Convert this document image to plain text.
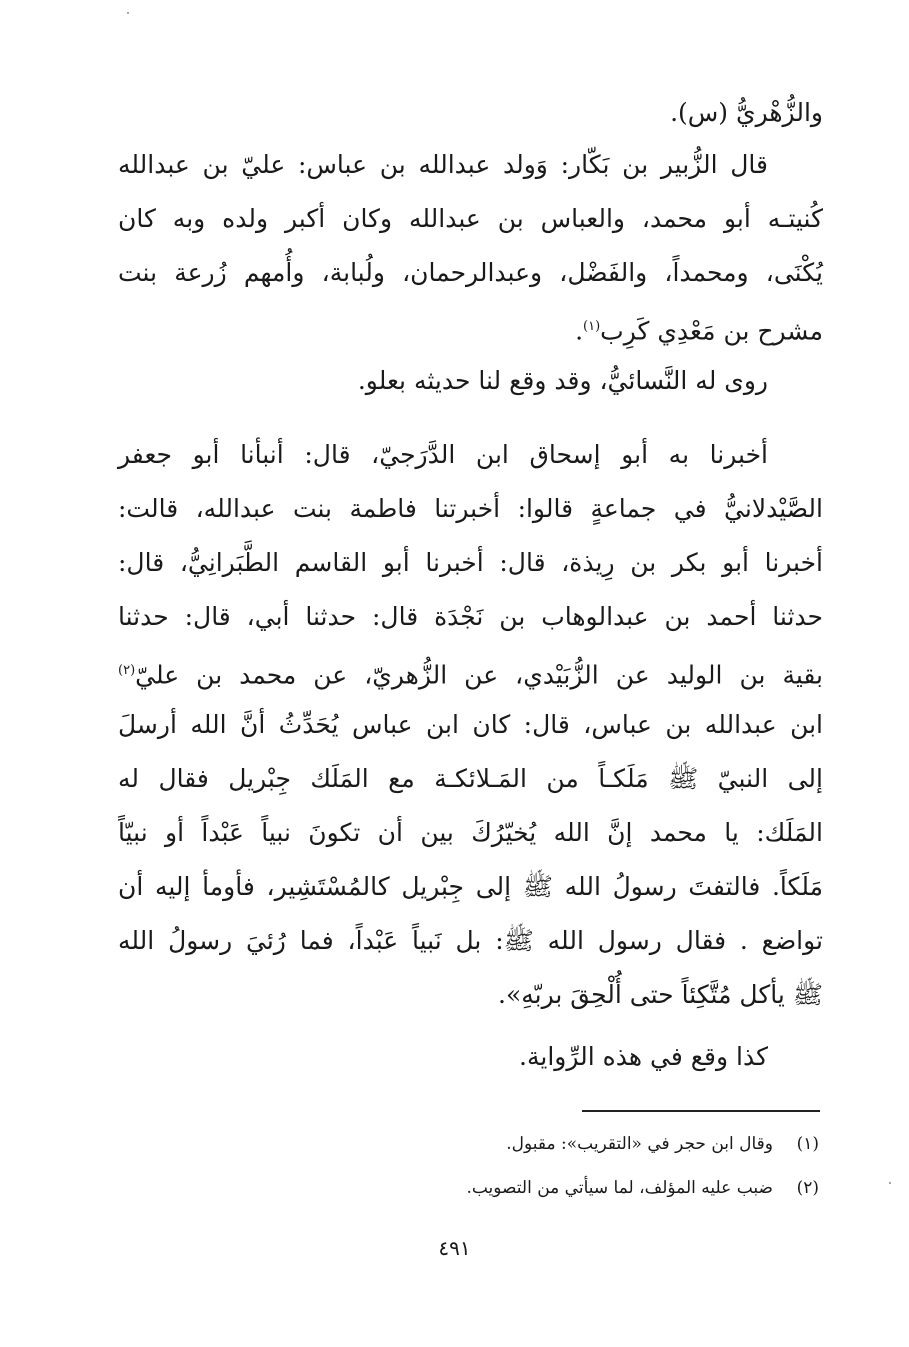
والزُّهْريُّ (س).
قال الزُّبير بن بَكّار: وَولد عبدالله بن عباس: عليّ بن عبدالله
كُنيتـه أبو محمد، والعباس بن عبدالله وكان أكبر ولده وبه كان
يُكْنَى، ومحمداً، والفَضْل، وعبدالرحمان، ولُبابة، وأُمهم زُرعة بنت
مشرح بن مَعْدِي كَرِب$^{(١)}$.
روى له النَّسائيُّ، وقد وقع لنا حديثه بعلو.
أخبرنا به أبو إسحاق ابن الدَّرَجيّ، قال: أنبأنا أبو جعفر
الصَّيْدلانيُّ في جماعةٍ قالوا: أخبرتنا فاطمة بنت عبدالله، قالت:
أخبرنا أبو بكر بن رِيذة، قال: أخبرنا أبو القاسم الطَّبَرانِيُّ، قال:
حدثنا أحمد بن عبدالوهاب بن نَجْدَة قال: حدثنا أبي، قال: حدثنا
بقية بن الوليد عن الزُّبَيْدي، عن الزُّهريّ، عن محمد بن عليّ$^{(٢)}$
ابن عبدالله بن عباس، قال: كان ابن عباس يُحَدِّثُ أنَّ الله أرسلَ
إلى النبيّ ﷺ مَلَكـاً من المَـلائكـة مع المَلَك جِبْريل فقال له
المَلَك: يا محمد إنَّ الله يُخيّرُكَ بين أن تكونَ نبياً عَبْداً أو نبيّاً
مَلَكاً. فالتفتَ رسولُ الله ﷺ إلى جِبْريل كالمُسْتَشِير، فأومأ إليه أن
تواضع . فقال رسول الله ﷺ: بل نَبياً عَبْداً، فما رُئيَ رسولُ الله
ﷺ يأكل مُتَّكِئاً حتى أُلْحِقَ بربّهِ».
كذا وقع في هذه الرِّواية.
(١)وقال ابن حجر في «التقريب»: مقبول.
(٢)ضبب عليه المؤلف، لما سيأتي من التصويب.
٤٩١
